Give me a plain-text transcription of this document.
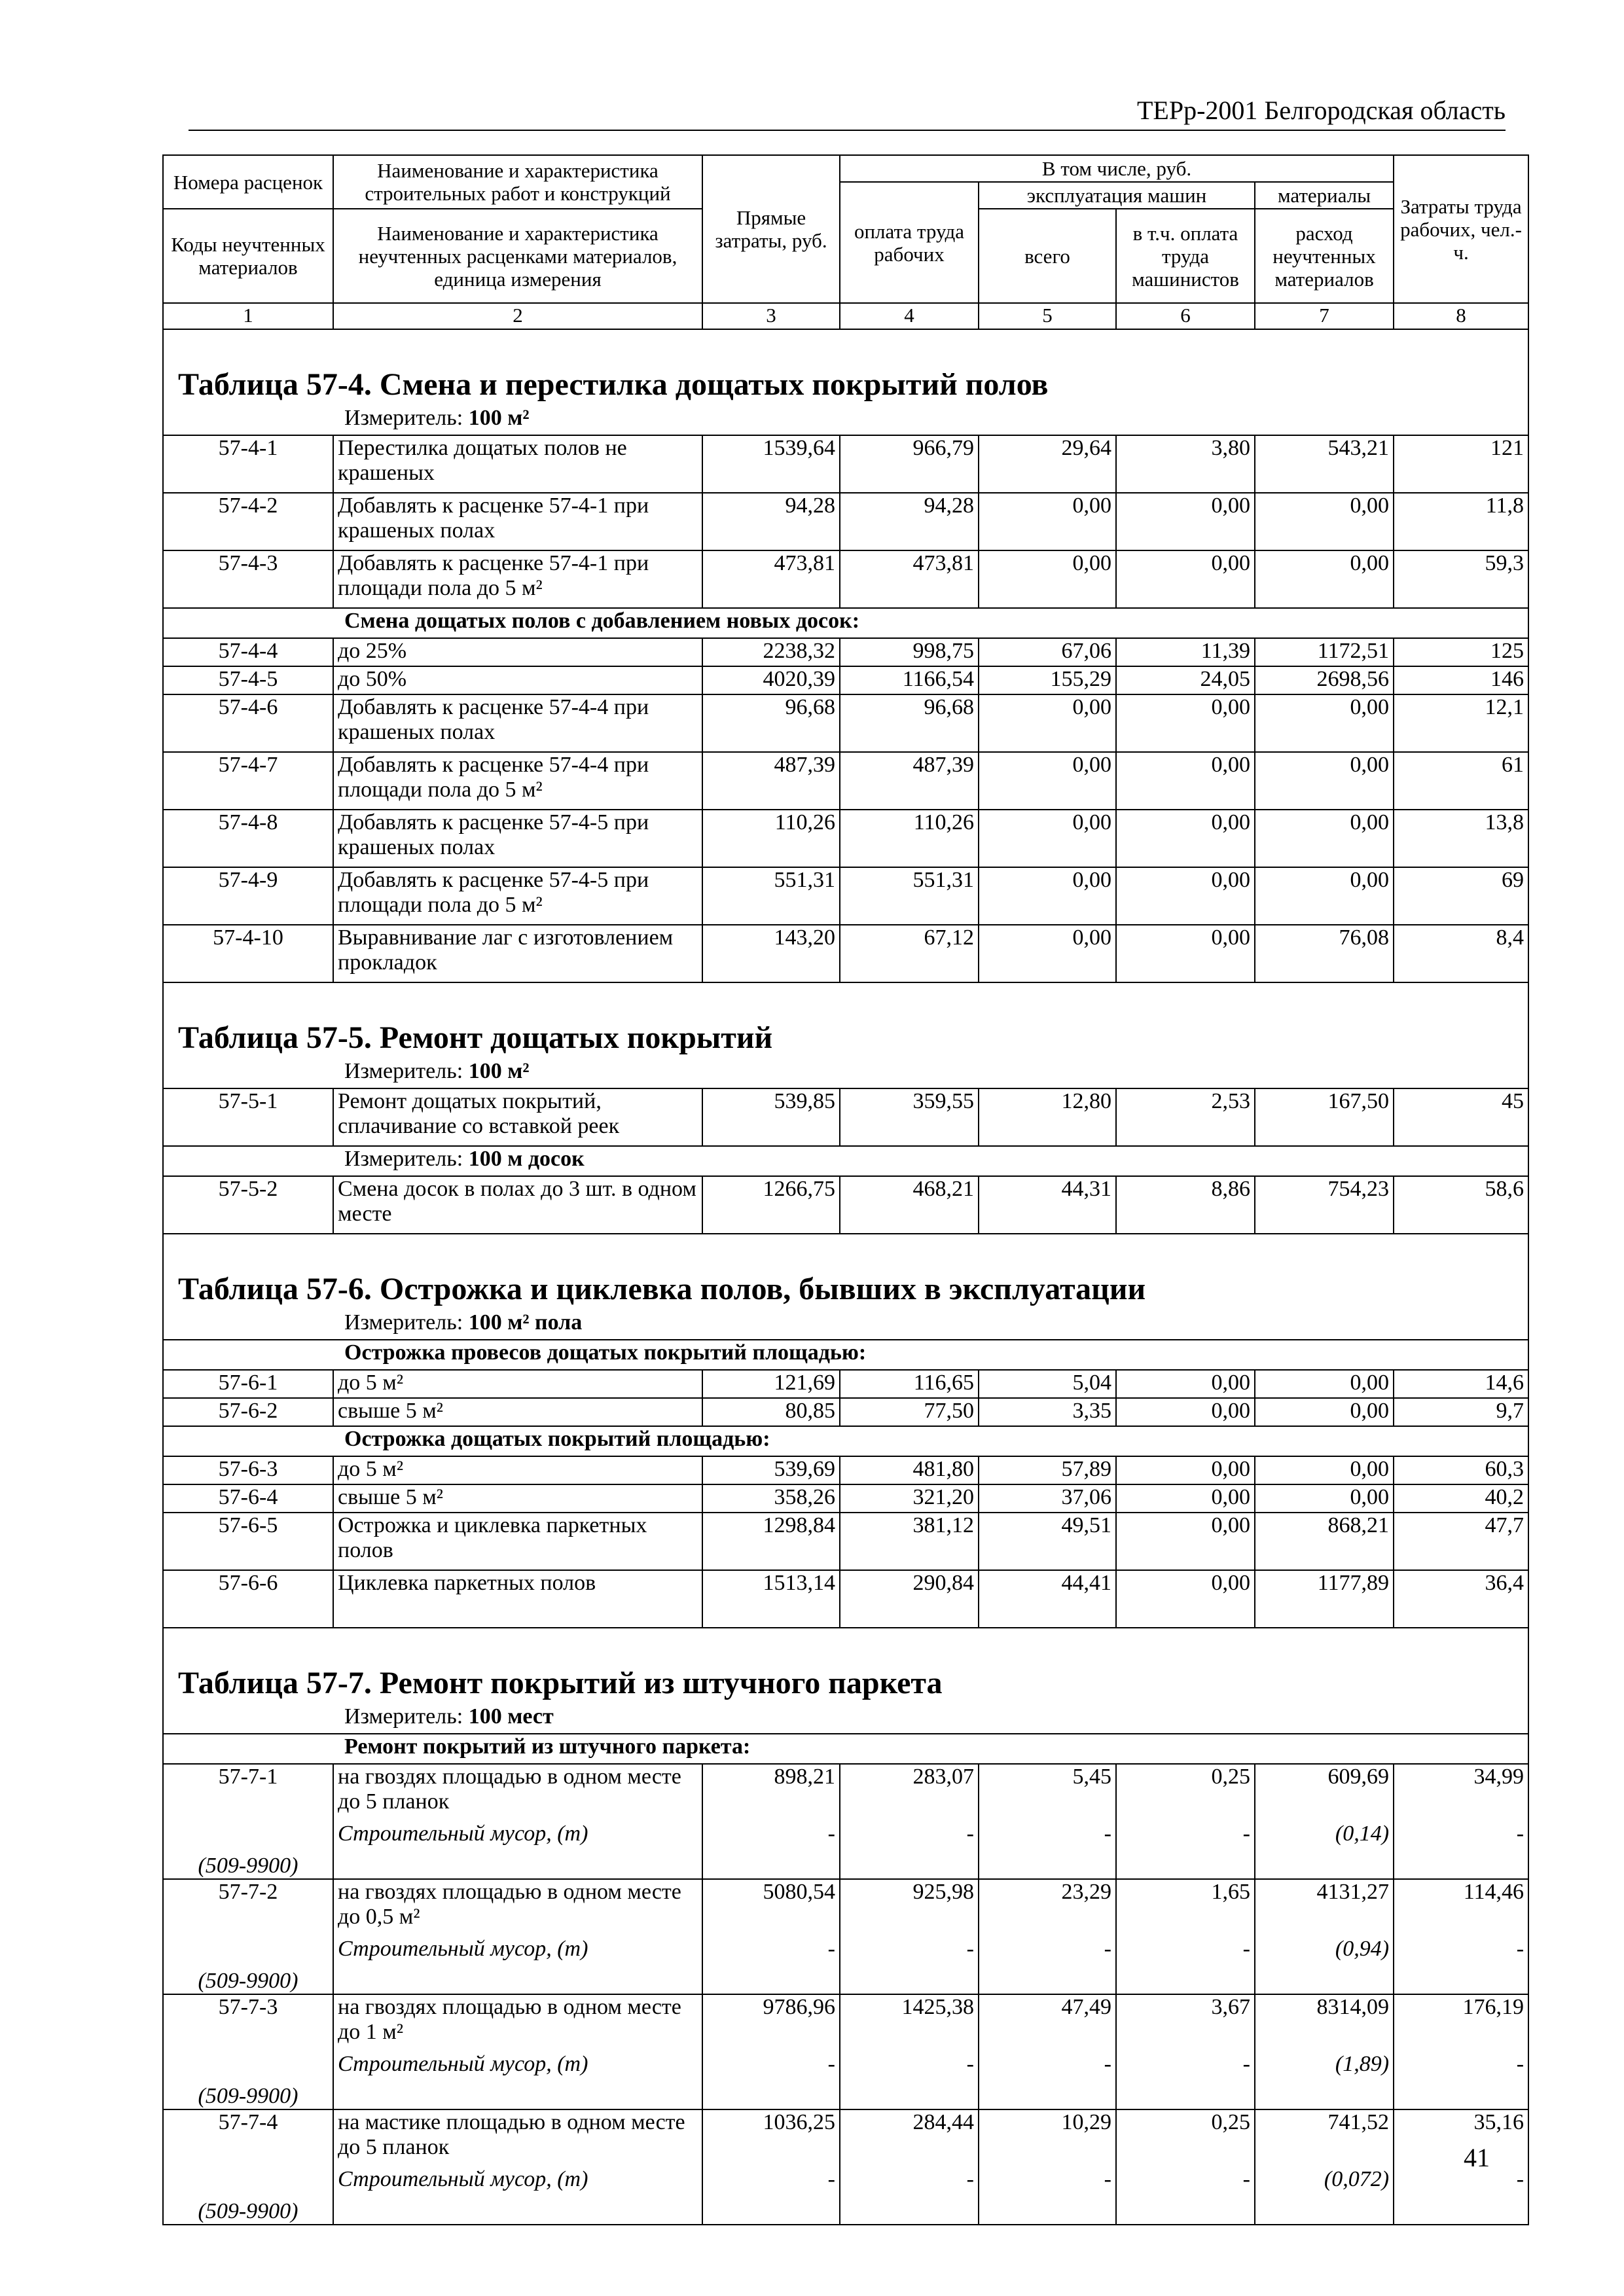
ТЕРр-2001 Белгородская область
Номера расценок	Наименование и характеристика строительных работ и конструкций	Прямые затраты, руб.	В том числе, руб.				Затраты труда рабочих, чел.-ч.
			оплата труда рабочих	эксплуатация машин		материалы	
Коды неучтенных материалов	Наименование и характеристика неучтенных расценками материалов, единица измерения			всего	в т.ч. оплата труда машинистов	расход неучтенных материалов	

1	2	3	4	5	6	7	8

Таблица 57-4. Смена и перестилка дощатых покрытий полов							
Измеритель: 100 м²							
57-4-1	Перестилка дощатых полов не крашеных	1539,64	966,79	29,64	3,80	543,21	121
57-4-2	Добавлять к расценке 57-4-1 при крашеных полах	94,28	94,28	0,00	0,00	0,00	11,8
57-4-3	Добавлять к расценке 57-4-1 при площади пола до 5 м²	473,81	473,81	0,00	0,00	0,00	59,3
Смена дощатых полов с добавлением новых досок:							
57-4-4	до 25%	2238,32	998,75	67,06	11,39	1172,51	125
57-4-5	до 50%	4020,39	1166,54	155,29	24,05	2698,56	146
57-4-6	Добавлять к расценке 57-4-4 при крашеных полах	96,68	96,68	0,00	0,00	0,00	12,1
57-4-7	Добавлять к расценке 57-4-4 при площади пола до 5 м²	487,39	487,39	0,00	0,00	0,00	61
57-4-8	Добавлять к расценке 57-4-5 при крашеных полах	110,26	110,26	0,00	0,00	0,00	13,8
57-4-9	Добавлять к расценке 57-4-5 при площади пола до 5 м²	551,31	551,31	0,00	0,00	0,00	69
57-4-10	Выравнивание лаг с изготовлением прокладок	143,20	67,12	0,00	0,00	76,08	8,4

Таблица 57-5. Ремонт дощатых покрытий							
Измеритель: 100 м²							
57-5-1	Ремонт дощатых покрытий, сплачивание со вставкой реек	539,85	359,55	12,80	2,53	167,50	45
Измеритель: 100 м досок							
57-5-2	Смена досок в полах до 3 шт. в одном месте	1266,75	468,21	44,31	8,86	754,23	58,6

Таблица 57-6. Острожка и циклевка полов, бывших в эксплуатации							
Измеритель: 100 м² пола							
Острожка провесов дощатых покрытий площадью:							
57-6-1	до 5 м²	121,69	116,65	5,04	0,00	0,00	14,6
57-6-2	свыше 5 м²	80,85	77,50	3,35	0,00	0,00	9,7
Острожка дощатых покрытий площадью:							
57-6-3	до 5 м²	539,69	481,80	57,89	0,00	0,00	60,3
57-6-4	свыше 5 м²	358,26	321,20	37,06	0,00	0,00	40,2
57-6-5	Острожка и циклевка паркетных полов	1298,84	381,12	49,51	0,00	868,21	47,7
57-6-6	Циклевка паркетных полов	1513,14	290,84	44,41	0,00	1177,89	36,4

Таблица 57-7. Ремонт покрытий из штучного паркета							
Измеритель: 100 мест							
Ремонт покрытий из штучного паркета:							
57-7-1	на гвоздях площадью в одном месте до 5 планок	898,21	283,07	5,45	0,25	609,69	34,99
(509-9900)	Строительный мусор, (т)	-	-	-	-	(0,14)	-
57-7-2	на гвоздях площадью в одном месте до 0,5 м²	5080,54	925,98	23,29	1,65	4131,27	114,46
(509-9900)	Строительный мусор, (т)	-	-	-	-	(0,94)	-
57-7-3	на гвоздях площадью в одном месте до 1 м²	9786,96	1425,38	47,49	3,67	8314,09	176,19
(509-9900)	Строительный мусор, (т)	-	-	-	-	(1,89)	-
57-7-4	на мастике площадью в одном месте до 5 планок	1036,25	284,44	10,29	0,25	741,52	35,16
(509-9900)	Строительный мусор, (т)	-	-	-	-	(0,072)	-
41
